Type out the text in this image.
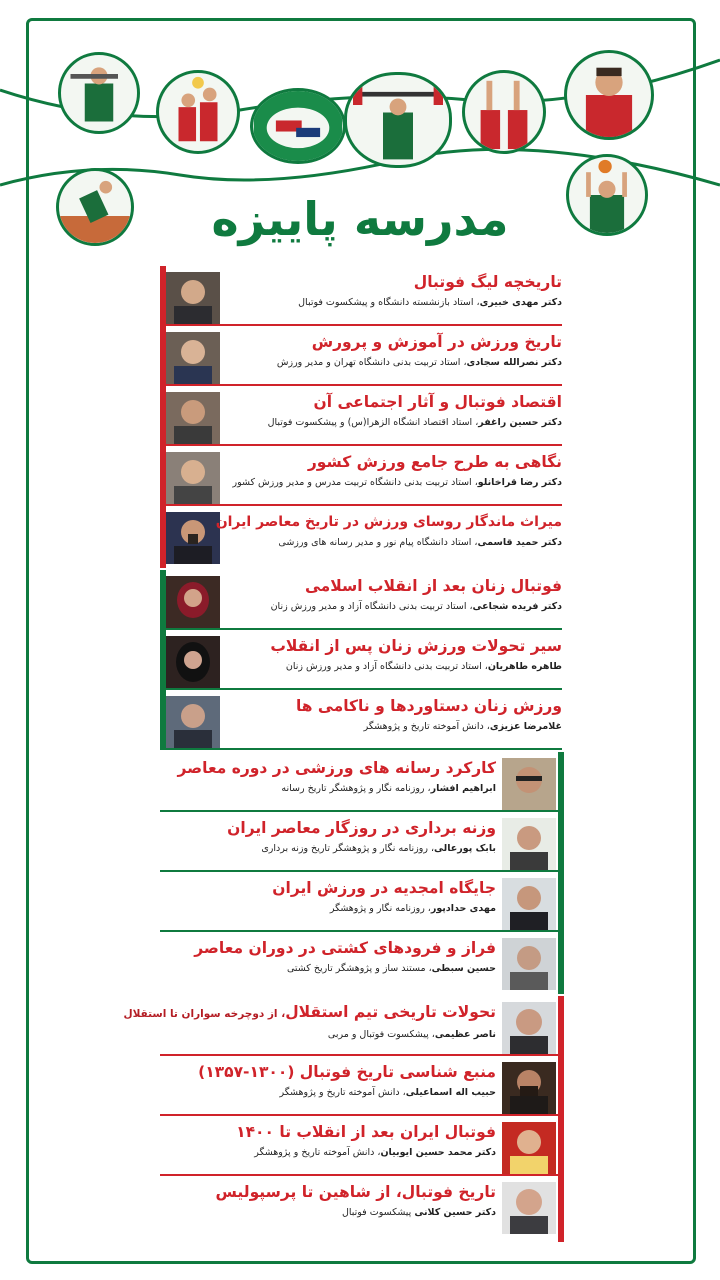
مدرسه پاییزه
تاریخچه لیگ فوتبال
دکتر مهدی خبیری، استاد بازنشسته دانشگاه و پیشکسوت فوتبال
تاریخ ورزش در آموزش و پرورش
دکتر نصرالله سجادی، استاد تربیت بدنی دانشگاه تهران و مدیر ورزش
اقتصاد فوتبال و آثار اجتماعی آن
دکتر حسین راغفر، استاد اقتصاد انشگاه الزهرا(س) و پیشکسوت فوتبال
نگاهی به طرح جامع ورزش کشور
دکتر رضا قراخانلو، استاد تربیت بدنی دانشگاه تربیت مدرس و مدیر ورزش کشور
میراث ماندگار روسای ورزش در تاریخ معاصر ایران
دکتر حمید قاسمی، استاد دانشگاه پیام نور و مدیر رسانه های ورزشی
فوتبال زنان بعد از انقلاب اسلامی
دکتر فریده شجاعی، استاد تربیت بدنی دانشگاه آزاد و مدیر ورزش زنان
سیر تحولات ورزش زنان پس از انقلاب
طاهره طاهریان، استاد تربیت بدنی دانشگاه آزاد و مدیر ورزش زنان
ورزش زنان دستاوردها و ناکامی ها
غلامرضا عزیزی، دانش آموخته تاریخ و پژوهشگر
کارکرد رسانه های ورزشی در دوره معاصر
ابراهیم افشار، روزنامه نگار و پژوهشگر تاریخ رسانه
وزنه برداری در روزگار معاصر ایران
بابک پورعالی، روزنامه نگار و پژوهشگر تاریخ وزنه برداری
جایگاه امجدیه در ورزش ایران
مهدی حدادپور، روزنامه نگار و پژوهشگر
فراز و فرودهای کشتی در دوران معاصر
حسین سبطی، مستند ساز و پژوهشگر تاریخ کشتی
تحولات تاریخی تیم استقلال، از دوچرخه سواران تا استقلال
ناصر عظیمی، پیشکسوت فوتبال و مربی
منبع شناسی تاریخ فوتبال (۱۳۰۰-۱۳۵۷)
حبیب اله اسماعیلی، دانش آموخته تاریخ و پژوهشگر
فوتبال ایران بعد از انقلاب تا ۱۴۰۰
دکتر محمد حسین ایوبیان، دانش آموخته تاریخ و پژوهشگر
تاریخ فوتبال، از شاهین تا پرسپولیس
دکتر حسین کلانی پیشکسوت فوتبال
